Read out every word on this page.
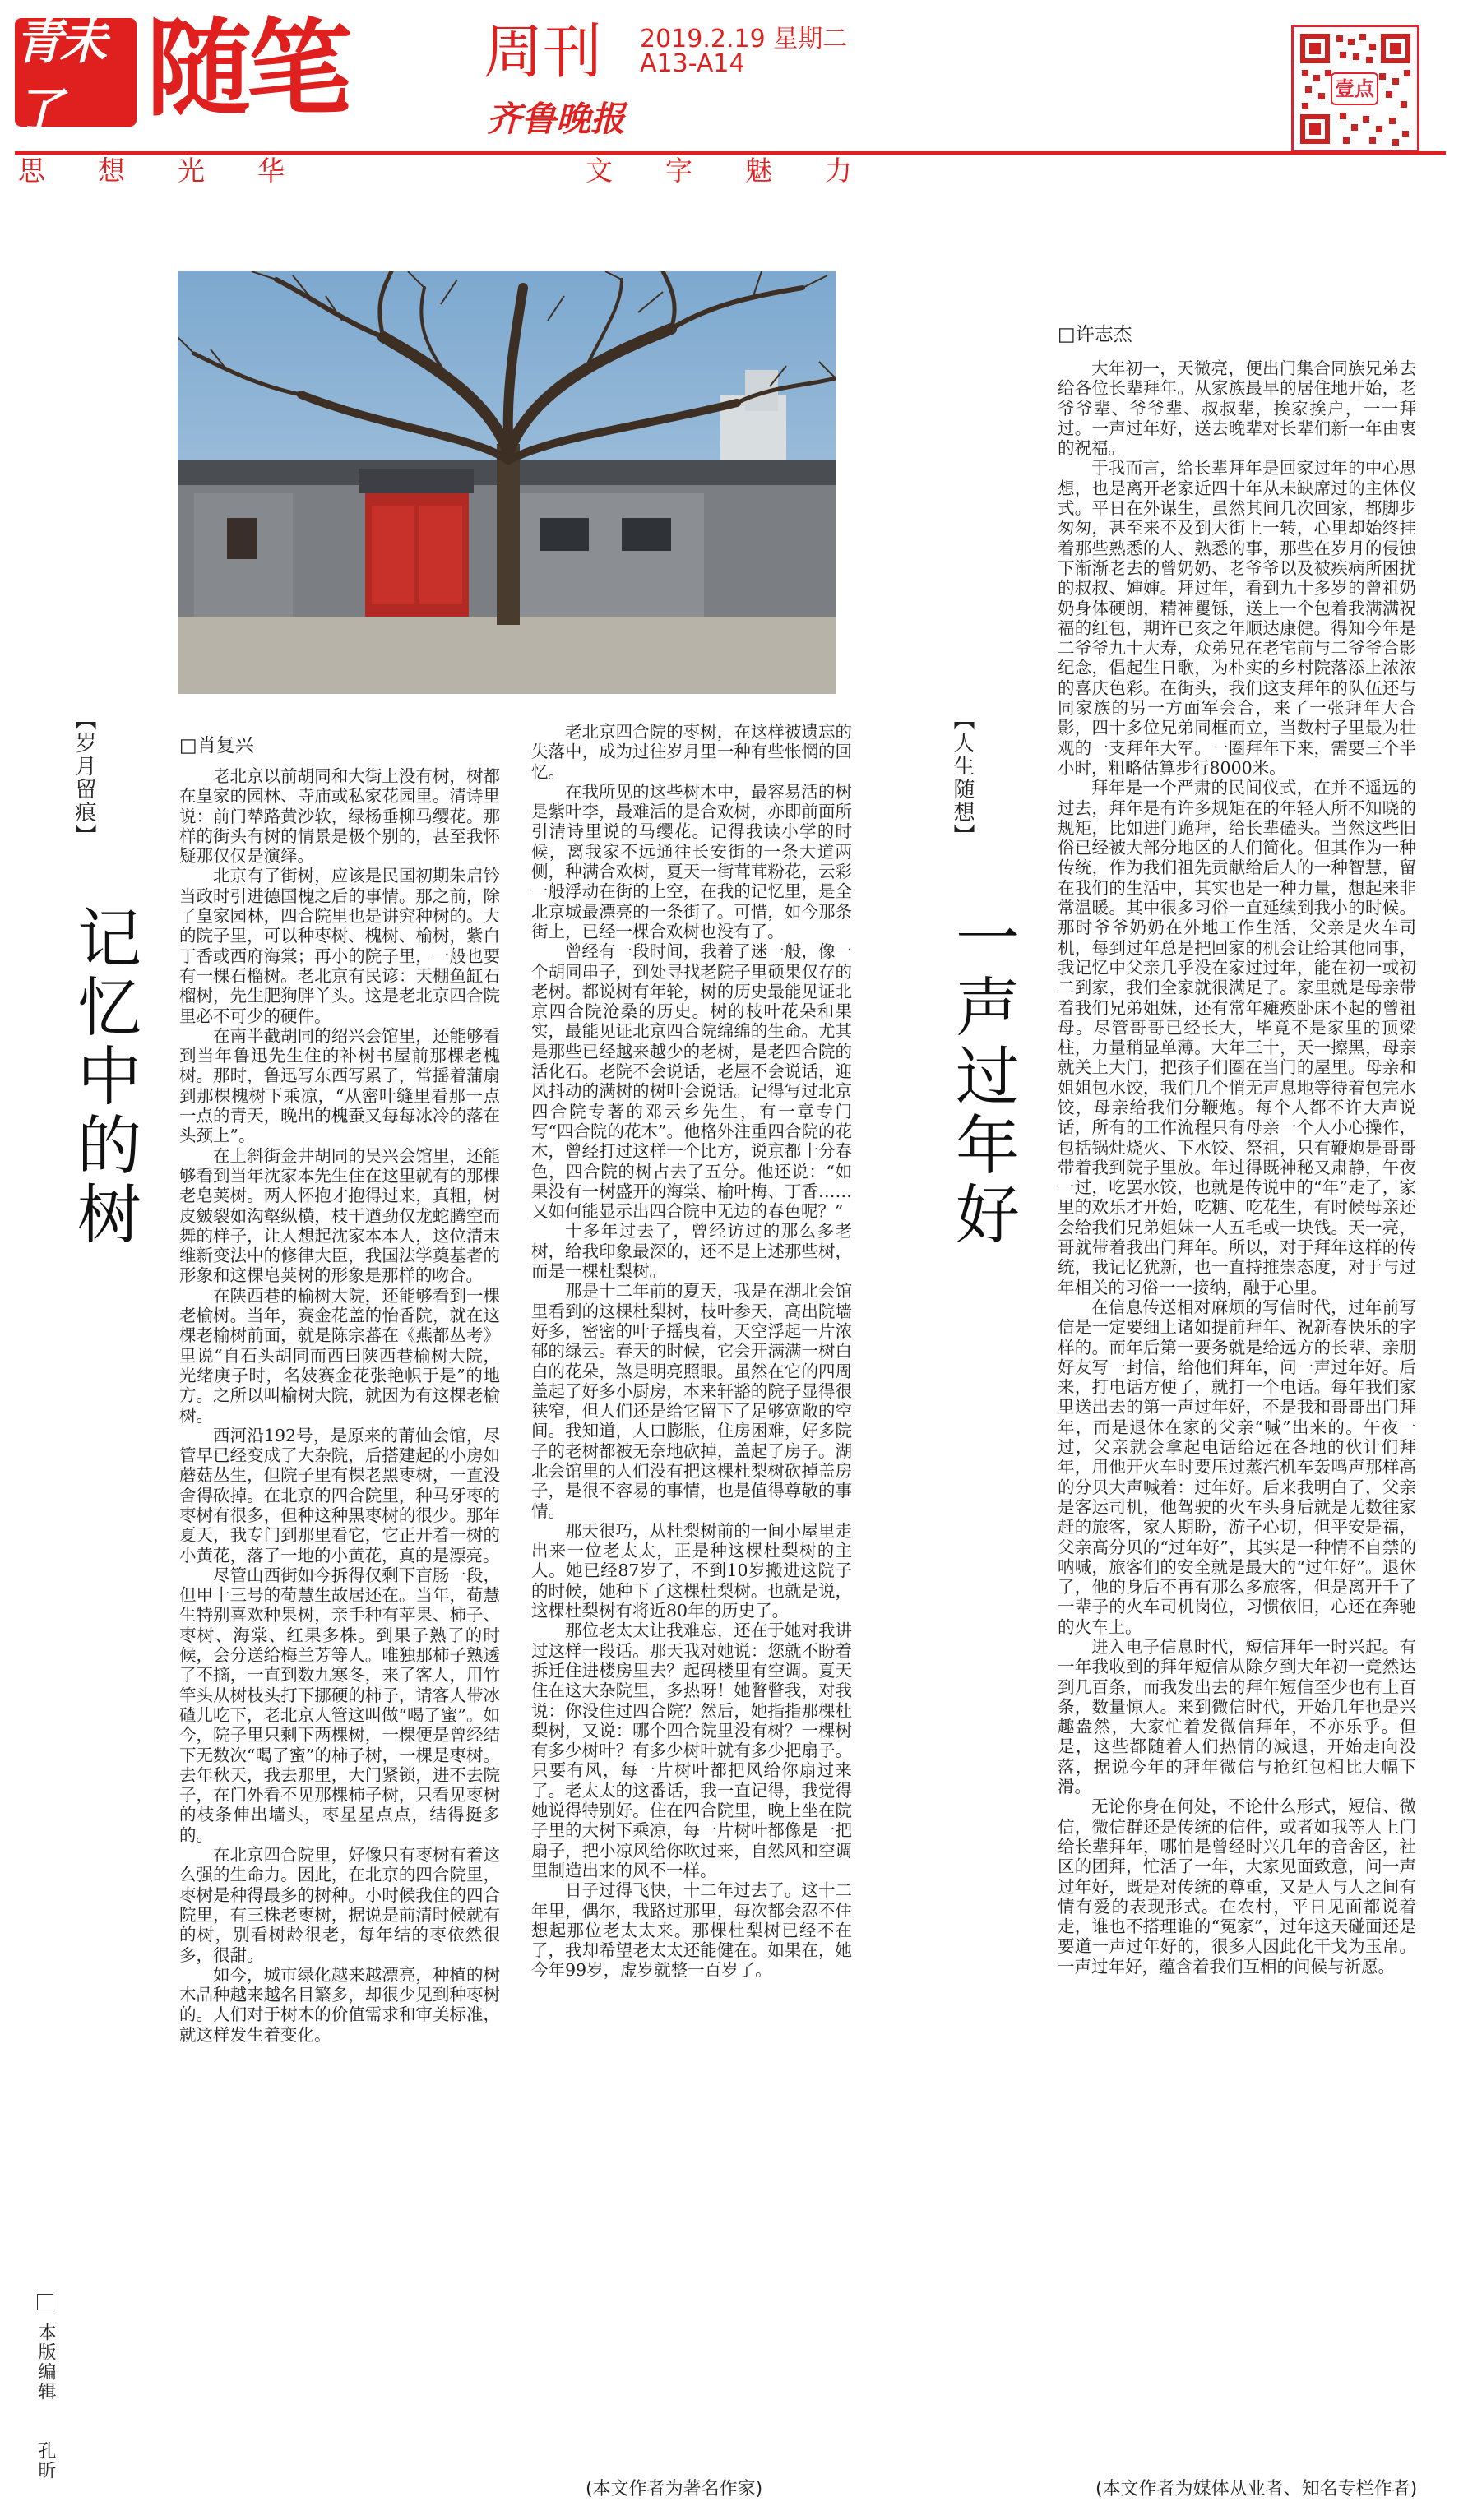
青未了 随笔 周刊 2019.2.19 星期二
A13-A14
齐鲁晚报
壹点
思想光华	文字魅力
【岁月留痕】
记忆中的树
□肖复兴

老北京以前胡同和大街上没有树，树都在皇家的园林、寺庙或私家花园里。清诗里说：前门辇路黄沙软，绿杨垂柳马缨花。那样的街头有树的情景是极个别的，甚至我怀疑那仅仅是演绎。

北京有了街树，应该是民国初期朱启钤当政时引进德国槐之后的事情。那之前，除了皇家园林，四合院里也是讲究种树的。大的院子里，可以种枣树、槐树、榆树，紫白丁香或西府海棠；再小的院子里，一般也要有一棵石榴树。老北京有民谚：天棚鱼缸石榴树，先生肥狗胖丫头。这是老北京四合院里必不可少的硬件。

在南半截胡同的绍兴会馆里，还能够看到当年鲁迅先生住的补树书屋前那棵老槐树。那时，鲁迅写东西写累了，常摇着蒲扇到那棵槐树下乘凉，“从密叶缝里看那一点一点的青天，晚出的槐蚕又每每冰冷的落在头颈上”。

在上斜街金井胡同的吴兴会馆里，还能够看到当年沈家本先生住在这里就有的那棵老皂荚树。两人怀抱才抱得过来，真粗，树皮皴裂如沟壑纵横，枝干遒劲仅龙蛇腾空而舞的样子，让人想起沈家本本人，这位清末维新变法中的修律大臣，我国法学奠基者的形象和这棵皂荚树的形象是那样的吻合。

在陕西巷的榆树大院，还能够看到一棵老榆树。当年，赛金花盖的怡香院，就在这棵老榆树前面，就是陈宗蕃在《燕都丛考》里说“自石头胡同而西曰陕西巷榆树大院，光绪庚子时，名妓赛金花张艳帜于是”的地方。之所以叫榆树大院，就因为有这棵老榆树。

西河沿192号，是原来的莆仙会馆，尽管早已经变成了大杂院，后搭建起的小房如蘑菇丛生，但院子里有棵老黑枣树，一直没舍得砍掉。在北京的四合院里，种马牙枣的枣树有很多，但种这种黑枣树的很少。那年夏天，我专门到那里看它，它正开着一树的小黄花，落了一地的小黄花，真的是漂亮。

尽管山西街如今拆得仅剩下盲肠一段，但甲十三号的荀慧生故居还在。当年，荀慧生特别喜欢种果树，亲手种有苹果、柿子、枣树、海棠、红果多株。到果子熟了的时候，会分送给梅兰芳等人。唯独那柿子熟透了不摘，一直到数九寒冬，来了客人，用竹竿头从树枝头打下挪硬的柿子，请客人带冰碴儿吃下，老北京人管这叫做“喝了蜜”。如今，院子里只剩下两棵树，一棵便是曾经结下无数次“喝了蜜”的柿子树，一棵是枣树。去年秋天，我去那里，大门紧锁，进不去院子，在门外看不见那棵柿子树，只看见枣树的枝条伸出墙头，枣星星点点，结得挺多的。

在北京四合院里，好像只有枣树有着这么强的生命力。因此，在北京的四合院里，枣树是种得最多的树种。小时候我住的四合院里，有三株老枣树，据说是前清时候就有的树，别看树龄很老，每年结的枣依然很多，很甜。

如今，城市绿化越来越漂亮，种植的树木品种越来越名目繁多，却很少见到种枣树的。人们对于树木的价值需求和审美标准，就这样发生着变化。

老北京四合院的枣树，在这样被遗忘的失落中，成为过往岁月里一种有些怅惘的回忆。

在我所见的这些树木中，最容易活的树是紫叶李，最难活的是合欢树，亦即前面所引清诗里说的马缨花。记得我读小学的时候，离我家不远通往长安街的一条大道两侧，种满合欢树，夏天一街茸茸粉花，云彩一般浮动在街的上空，在我的记忆里，是全北京城最漂亮的一条街了。可惜，如今那条街上，已经一棵合欢树也没有了。

曾经有一段时间，我着了迷一般，像一个胡同串子，到处寻找老院子里硕果仅存的老树。都说树有年轮，树的历史最能见证北京四合院沧桑的历史。树的枝叶花朵和果实，最能见证北京四合院绵绵的生命。尤其是那些已经越来越少的老树，是老四合院的活化石。老院不会说话，老屋不会说话，迎风抖动的满树的树叶会说话。记得写过北京四合院专著的邓云乡先生，有一章专门写“四合院的花木”。他格外注重四合院的花木，曾经打过这样一个比方，说京都十分春色，四合院的树占去了五分。他还说：“如果没有一树盛开的海棠、榆叶梅、丁香……又如何能显示出四合院中无边的春色呢？”

十多年过去了，曾经访过的那么多老树，给我印象最深的，还不是上述那些树，而是一棵杜梨树。

那是十二年前的夏天，我是在湖北会馆里看到的这棵杜梨树，枝叶参天，高出院墙好多，密密的叶子摇曳着，天空浮起一片浓郁的绿云。春天的时候，它会开满满一树白白的花朵，煞是明亮照眼。虽然在它的四周盖起了好多小厨房，本来轩豁的院子显得很狭窄，但人们还是给它留下了足够宽敞的空间。我知道，人口膨胀，住房困难，好多院子的老树都被无奈地砍掉，盖起了房子。湖北会馆里的人们没有把这棵杜梨树砍掉盖房子，是很不容易的事情，也是值得尊敬的事情。

那天很巧，从杜梨树前的一间小屋里走出来一位老太太，正是种这棵杜梨树的主人。她已经87岁了，不到10岁搬进这院子的时候，她种下了这棵杜梨树。也就是说，这棵杜梨树有将近80年的历史了。

那位老太太让我难忘，还在于她对我讲过这样一段话。那天我对她说：您就不盼着拆迁住进楼房里去？起码楼里有空调。夏天住在这大杂院里，多热呀！她瞥瞥我，对我说：你没住过四合院？然后，她指指那棵杜梨树，又说：哪个四合院里没有树？一棵树有多少树叶？有多少树叶就有多少把扇子。只要有风，每一片树叶都把风给你扇过来了。老太太的这番话，我一直记得，我觉得她说得特别好。住在四合院里，晚上坐在院子里的大树下乘凉，每一片树叶都像是一把扇子，把小凉风给你吹过来，自然风和空调里制造出来的风不一样。

日子过得飞快，十二年过去了。这十二年里，偶尔，我路过那里，每次都会忍不住想起那位老太太来。那棵杜梨树已经不在了，我却希望老太太还能健在。如果在，她今年99岁，虚岁就整一百岁了。

(本文作者为著名作家)
□许志杰
【人生随想】
一声过年好

大年初一，天微亮，便出门集合同族兄弟去给各位长辈拜年。从家族最早的居住地开始，老爷爷辈、爷爷辈、叔叔辈，挨家挨户，一一拜过。一声过年好，送去晚辈对长辈们新一年由衷的祝福。

于我而言，给长辈拜年是回家过年的中心思想，也是离开老家近四十年从未缺席过的主体仪式。平日在外谋生，虽然其间几次回家，都脚步匆匆，甚至来不及到大街上一转，心里却始终挂着那些熟悉的人、熟悉的事，那些在岁月的侵蚀下渐渐老去的曾奶奶、老爷爷以及被疾病所困扰的叔叔、婶婶。拜过年，看到九十多岁的曾祖奶奶身体硬朗，精神矍铄，送上一个包着我满满祝福的红包，期许已亥之年顺达康健。得知今年是二爷爷九十大寿，众弟兄在老宅前与二爷爷合影纪念，倡起生日歌，为朴实的乡村院落添上浓浓的喜庆色彩。在街头，我们这支拜年的队伍还与同家族的另一方面军会合，来了一张拜年大合影，四十多位兄弟同框而立，当数村子里最为壮观的一支拜年大军。一圈拜年下来，需要三个半小时，粗略估算步行8000米。

拜年是一个严肃的民间仪式，在并不遥远的过去，拜年是有许多规矩在的年轻人所不知晓的规矩，比如进门跪拜，给长辈磕头。当然这些旧俗已经被大部分地区的人们简化。但其作为一种传统，作为我们祖先贡献给后人的一种智慧，留在我们的生活中，其实也是一种力量，想起来非常温暖。其中很多习俗一直延续到我小的时候。那时爷爷奶奶在外地工作生活，父亲是火车司机，每到过年总是把回家的机会让给其他同事，我记忆中父亲几乎没在家过过年，能在初一或初二到家，我们全家就很满足了。家里就是母亲带着我们兄弟姐妹，还有常年瘫痪卧床不起的曾祖母。尽管哥哥已经长大，毕竟不是家里的顶梁柱，力量稍显单薄。大年三十，天一擦黑，母亲就关上大门，把孩子们圈在当门的屋里。母亲和姐姐包水饺，我们几个悄无声息地等待着包完水饺，母亲给我们分鞭炮。每个人都不许大声说话，所有的工作流程只有母亲一个人小心操作，包括锅灶烧火、下水饺、祭祖，只有鞭炮是哥哥带着我到院子里放。年过得既神秘又肃静，午夜一过，吃罢水饺，也就是传说中的“年”走了，家里的欢乐才开始，吃糖、吃花生，有时候母亲还会给我们兄弟姐妹一人五毛或一块钱。天一亮，哥就带着我出门拜年。所以，对于拜年这样的传统，我记忆犹新，也一直持推崇态度，对于与过年相关的习俗一一接纳，融于心里。

在信息传送相对麻烦的写信时代，过年前写信是一定要细上诸如提前拜年、祝新春快乐的字样的。而年后第一要务就是给远方的长辈、亲朋好友写一封信，给他们拜年，问一声过年好。后来，打电话方便了，就打一个电话。每年我们家里送出去的第一声过年好，不是我和哥哥出门拜年，而是退休在家的父亲“喊”出来的。午夜一过，父亲就会拿起电话给远在各地的伙计们拜年，用他开火车时要压过蒸汽机车轰鸣声那样高的分贝大声喊着：过年好。后来我明白了，父亲是客运司机，他驾驶的火车头身后就是无数往家赶的旅客，家人期盼，游子心切，但平安是福，父亲高分贝的“过年好”，其实是一种情不自禁的呐喊，旅客们的安全就是最大的“过年好”。退休了，他的身后不再有那么多旅客，但是离开千了一辈子的火车司机岗位，习惯依旧，心还在奔驰的火车上。

进入电子信息时代，短信拜年一时兴起。有一年我收到的拜年短信从除夕到大年初一竟然达到几百条，而我发出去的拜年短信至少也有上百条，数量惊人。来到微信时代，开始几年也是兴趣盎然，大家忙着发微信拜年，不亦乐乎。但是，这些都随着人们热情的减退，开始走向没落，据说今年的拜年微信与抢红包相比大幅下滑。

无论你身在何处，不论什么形式，短信、微信，微信群还是传统的信件，或者如我等人上门给长辈拜年，哪怕是曾经时兴几年的音舍区，社区的团拜，忙活了一年，大家见面致意，问一声过年好，既是对传统的尊重，又是人与人之间有情有爱的表现形式。在农村，平日见面都说着走，谁也不搭理谁的“冤家”，过年这天碰面还是要道一声过年好的，很多人因此化干戈为玉帛。一声过年好，蕴含着我们互相的问候与祈愿。

(本文作者为媒体从业者、知名专栏作者)
本版编辑  孔昕
